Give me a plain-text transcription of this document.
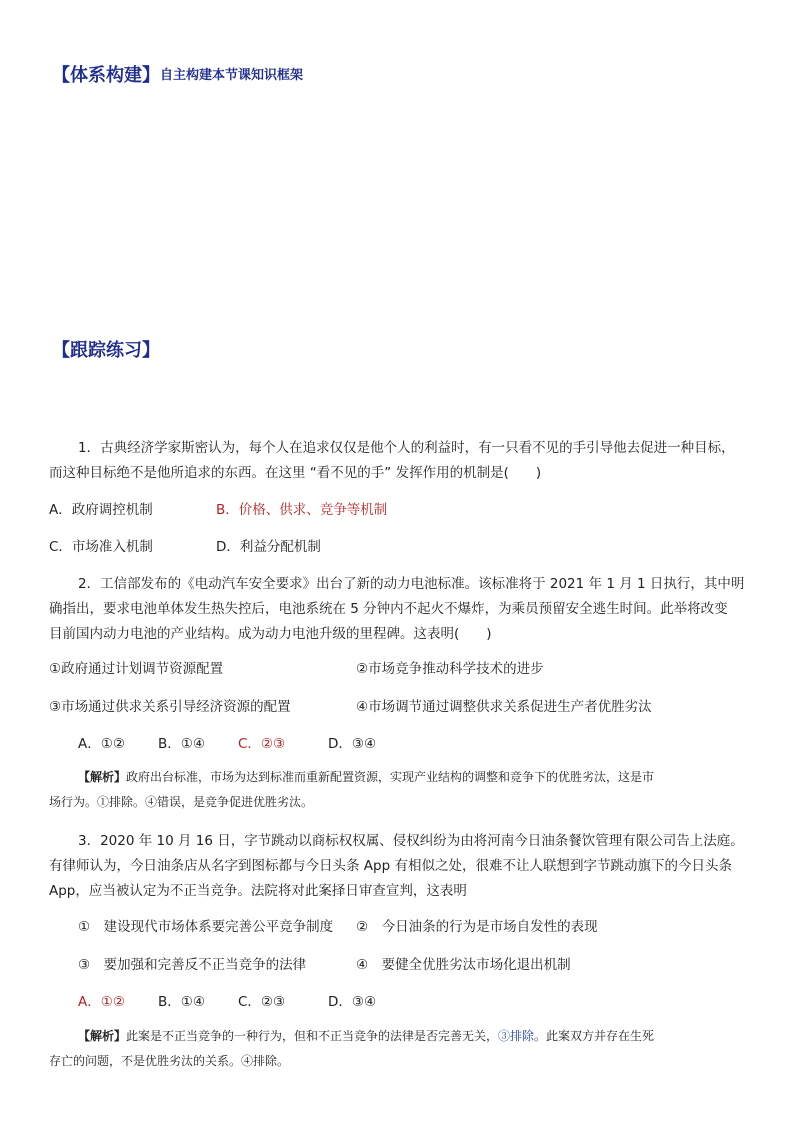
【体系构建】 自主构建本节课知识框架
【跟踪练习】
1．古典经济学家斯密认为，每个人在追求仅仅是他个人的利益时，有一只看不见的手引导他去促进一种目标，
而这种目标绝不是他所追求的东西。在这里 “看不见的手” 发挥作用的机制是(　　)
A．政府调控机制	B．价格、供求、竞争等机制
C．市场准入机制	D．利益分配机制
2．工信部发布的《电动汽车安全要求》出台了新的动力电池标准。该标准将于 2021 年 1 月 1 日执行，其中明
确指出，要求电池单体发生热失控后，电池系统在 5 分钟内不起火不爆炸，为乘员预留安全逃生时间。此举将改变
目前国内动力电池的产业结构。成为动力电池升级的里程碑。这表明(　　)
①政府通过计划调节资源配置	②市场竞争推动科学技术的进步
③市场通过供求关系引导经济资源的配置	④市场调节通过调整供求关系促进生产者优胜劣汰
A．①② B．①④ C．②③	D．③④
【解析】政府出台标准，市场为达到标准而重新配置资源，实现产业结构的调整和竞争下的优胜劣汰，这是市
场行为。①排除。④错误，是竞争促进优胜劣汰。
3．2020 年 10 月 16 日，字节跳动以商标权权属、侵权纠纷为由将河南今日油条餐饮管理有限公司告上法庭。
有律师认为，今日油条店从名字到图标都与今日头条 App 有相似之处，很难不让人联想到字节跳动旗下的今日头条
App，应当被认定为不正当竞争。法院将对此案择日审查宣判，这表明
①　建设现代市场体系要完善公平竞争制度 ②　今日油条的行为是市场自发性的表现
③　要加强和完善反不正当竞争的法律	④　要健全优胜劣汰市场化退出机制
A．①② B．①④ C．②③	D．③④
【解析】此案是不正当竞争的一种行为，但和不正当竞争的法律是否完善无关，③排除。此案双方并存在生死
存亡的问题，不是优胜劣汰的关系。④排除。
